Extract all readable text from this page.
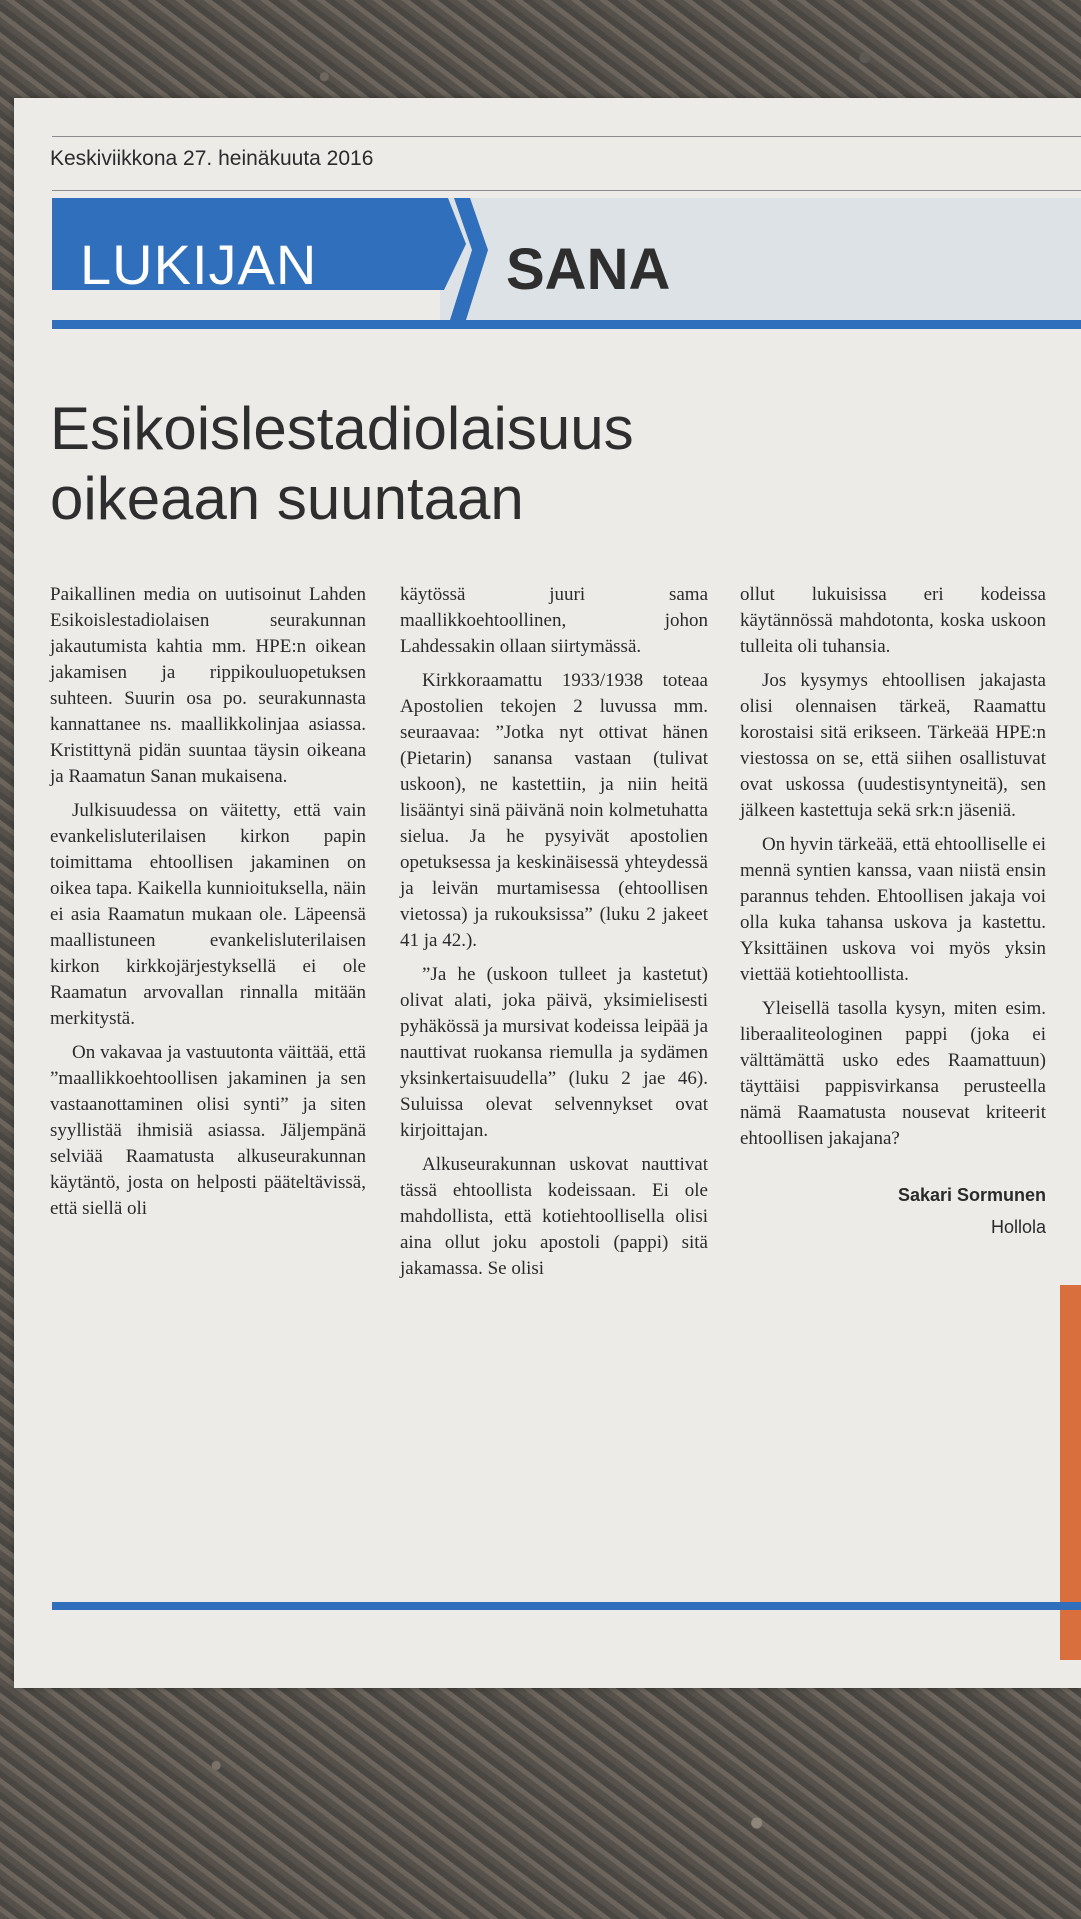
Keskiviikkona 27. heinäkuuta 2016
LUKIJAN	SANA
Esikoislestadiolaisuus oikeaan suuntaan

Paikallinen media on uutisoinut Lahden Esikoislestadiolaisen seurakunnan jakautumista kahtia mm. HPE:n oikean jakamisen ja rippikouluopetuksen suhteen. Suurin osa po. seurakunnasta kannattanee ns. maallikkolinjaa asiassa. Kristittynä pidän suuntaa täysin oikeana ja Raamatun Sanan mukaisena.

Julkisuudessa on väitetty, että vain evankelisluterilaisen kirkon papin toimittama ehtoollisen jakaminen on oikea tapa. Kaikella kunnioituksella, näin ei asia Raamatun mukaan ole. Läpeensä maallistuneen evankelisluterilaisen kirkon kirkkojärjestyksellä ei ole Raamatun arvovallan rinnalla mitään merkitystä.

On vakavaa ja vastuutonta väittää, että ”maallikkoehtoollisen jakaminen ja sen vastaanottaminen olisi synti” ja siten syyllistää ihmisiä asiassa. Jäljempänä selviää Raamatusta alkuseurakunnan käytäntö, josta on helposti pääteltävissä, että siellä oli

käytössä juuri sama maallikkoehtoollinen, johon Lahdessakin ollaan siirtymässä.

Kirkkoraamattu 1933/1938 toteaa Apostolien tekojen 2 luvussa mm. seuraavaa: ”Jotka nyt ottivat hänen (Pietarin) sanansa vastaan (tulivat uskoon), ne kastettiin, ja niin heitä lisääntyi sinä päivänä noin kolmetuhatta sielua. Ja he pysyivät apostolien opetuksessa ja keskinäisessä yhteydessä ja leivän murtamisessa (ehtoollisen vietossa) ja rukouksissa” (luku 2 jakeet 41 ja 42.).

”Ja he (uskoon tulleet ja kastetut) olivat alati, joka päivä, yksimielisesti pyhäkössä ja mursivat kodeissa leipää ja nauttivat ruokansa riemulla ja sydämen yksinkertaisuudella” (luku 2 jae 46). Suluissa olevat selvennykset ovat kirjoittajan.

Alkuseurakunnan uskovat nauttivat tässä ehtoollista kodeissaan. Ei ole mahdollista, että kotiehtoollisella olisi aina ollut joku apostoli (pappi) sitä jakamassa. Se olisi

ollut lukuisissa eri kodeissa käytännössä mahdotonta, koska uskoon tulleita oli tuhansia.

Jos kysymys ehtoollisen jakajasta olisi olennaisen tärkeä, Raamattu korostaisi sitä erikseen. Tärkeää HPE:n viestossa on se, että siihen osallistuvat ovat uskossa (uudestisyntyneitä), sen jälkeen kastettuja sekä srk:n jäseniä.

On hyvin tärkeää, että ehtoolliselle ei mennä syntien kanssa, vaan niistä ensin parannus tehden. Ehtoollisen jakaja voi olla kuka tahansa uskova ja kastettu. Yksittäinen uskova voi myös yksin viettää kotiehtoollista.

Yleisellä tasolla kysyn, miten esim. liberaaliteologinen pappi (joka ei välttämättä usko edes Raamattuun) täyttäisi pappisvirkansa perusteella nämä Raamatusta nousevat kriteerit ehtoollisen jakajana?

Sakari Sormunen
Hollola
